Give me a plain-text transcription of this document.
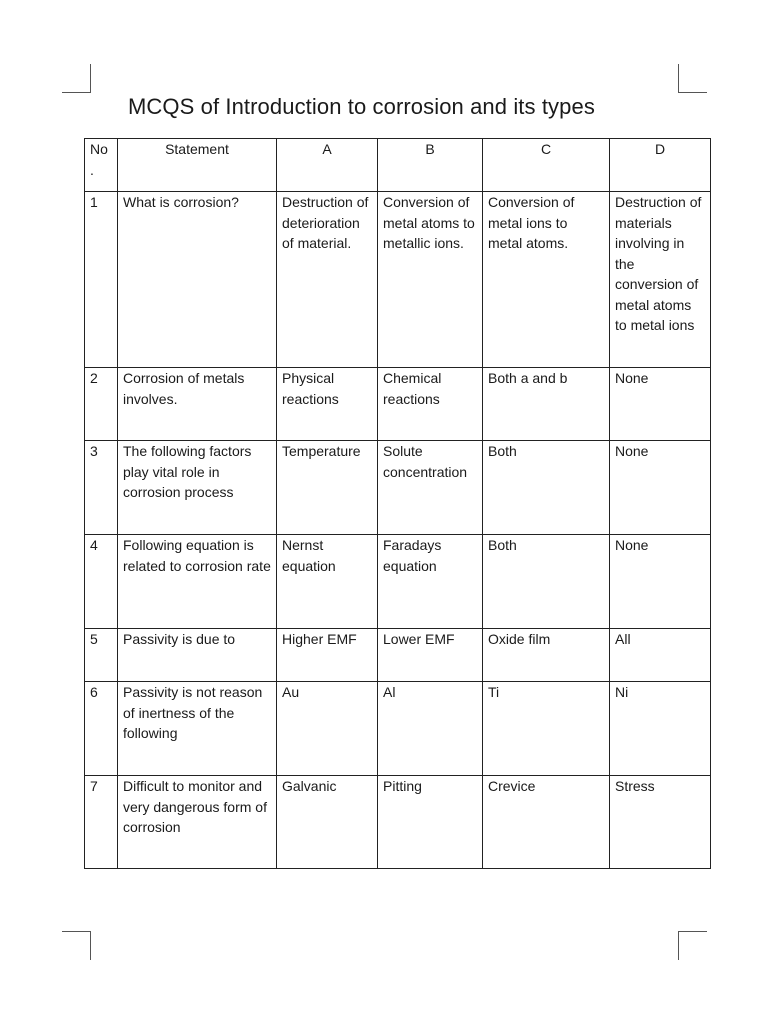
MCQS of Introduction to corrosion and its types
No .	Statement	A	B	C	D
1	What is corrosion?	Destruction of deterioration of material.	Conversion of metal atoms to metallic ions.	Conversion of metal ions to metal atoms.	Destruction of materials involving in the conversion of metal atoms to metal ions
2	Corrosion of metals involves.	Physical reactions	Chemical reactions	Both a and b	None
3	The following factors play vital role in corrosion process	Temperature	Solute concentration	Both	None
4	Following equation is related to corrosion rate	Nernst equation	Faradays equation	Both	None
5	Passivity is due to	Higher EMF	Lower EMF	Oxide film	All
6	Passivity is not reason of inertness of the following	Au	Al	Ti	Ni
7	Difficult to monitor and very dangerous form of corrosion	Galvanic	Pitting	Crevice	Stress
